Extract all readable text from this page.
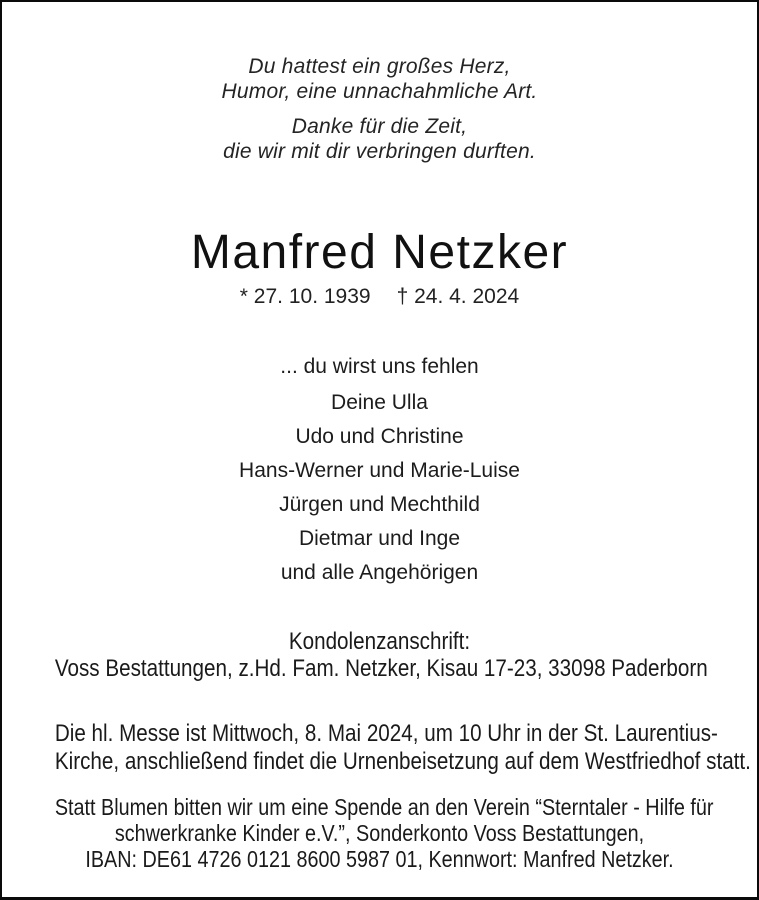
Du hattest ein großes Herz,

Humor, eine unnachahmliche Art.

Danke für die Zeit,

die wir mit dir verbringen durften.

Manfred Netzker
* 27. 10. 1939 † 24. 4. 2024

... du wirst uns fehlen

Deine Ulla

Udo und Christine

Hans-Werner und Marie-Luise

Jürgen und Mechthild

Dietmar und Inge

und alle Angehörigen

Kondolenzanschrift:

Voss Bestattungen, z.Hd. Fam. Netzker, Kisau 17-23, 33098 Paderborn

Die hl. Messe ist Mittwoch, 8. Mai 2024, um 10 Uhr in der St. Laurentius-

Kirche, anschließend findet die Urnenbeisetzung auf dem Westfriedhof statt.

Statt Blumen bitten wir um eine Spende an den Verein “Sterntaler - Hilfe für

schwerkranke Kinder e.V.”, Sonderkonto Voss Bestattungen,

IBAN: DE61 4726 0121 8600 5987 01, Kennwort: Manfred Netzker.
